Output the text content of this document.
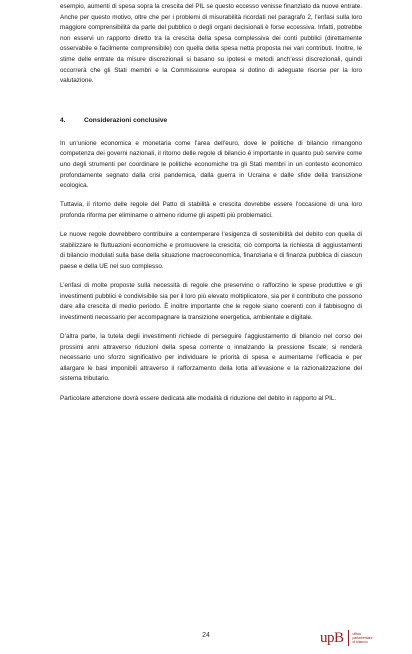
esempio, aumenti di spesa sopra la crescita del PIL se questo eccesso venisse finanziato da nuove entrate. Anche per questo motivo, oltre che per i problemi di misurabilità ricordati nel paragrafo 2, l’enfasi sulla loro maggiore comprensibilità da parte del pubblico o degli organi decisionali è forse eccessiva. Infatti, potrebbe non esservi un rapporto diretto tra la crescita della spesa complessiva dei conti pubblici (direttamente osservabile e facilmente comprensibile) con quella della spesa netta proposta nei vari contributi. Inoltre, le stime delle entrate da misure discrezionali si basano su ipotesi e metodi anch’essi discrezionali, quindi occorrerà che gli Stati membri e la Commissione europea si dotino di adeguate risorse per la loro valutazione.

4.	Considerazioni conclusive

In un’unione economica e monetaria come l’area dell’euro, dove le politiche di bilancio rimangono competenza dei governi nazionali, il ritorno delle regole di bilancio è importante in quanto può servire come uno degli strumenti per coordinare le politiche economiche tra gli Stati membri in un contesto economico profondamente segnato dalla crisi pandemica, dalla guerra in Ucraina e dalle sfide della transizione ecologica.

Tuttavia, il ritorno delle regole del Patto di stabilità e crescita dovrebbe essere l’occasione di una loro profonda riforma per eliminarne o almeno ridurne gli aspetti più problematici.

Le nuove regole dovrebbero contribuire a contemperare l’esigenza di sostenibilità del debito con quella di stabilizzare le fluttuazioni economiche e promuovere la crescita; ciò comporta la richiesta di aggiustamenti di bilancio modulati sulla base della situazione macroeconomica, finanziaria e di finanza pubblica di ciascun paese e della UE nel suo complesso.

L’enfasi di molte proposte sulla necessità di regole che preservino o rafforzino le spese produttive e gli investimenti pubblici è condivisibile sia per il loro più elevato moltiplicatore, sia per il contributo che possono dare alla crescita di medio periodo. È inoltre importante che le regole siano coerenti con il fabbisogno di investimenti necessario per accompagnare la transizione energetica, ambientale e digitale.

D’altra parte, la tutela degli investimenti richiede di perseguire l’aggiustamento di bilancio nel corso dei prossimi anni attraverso riduzioni della spesa corrente o innalzando la pressione fiscale; si renderà necessario uno sforzo significativo per individuare le priorità di spesa e aumentarne l’efficacia e per allargare le basi imponibili attraverso il rafforzamento della lotta all’evasione e la razionalizzazione del sistema tributario.

Particolare attenzione dovrà essere dedicata alle modalità di riduzione del debito in rapporto al PIL.

24	upB	ufficio
parlamentare
di bilancio
